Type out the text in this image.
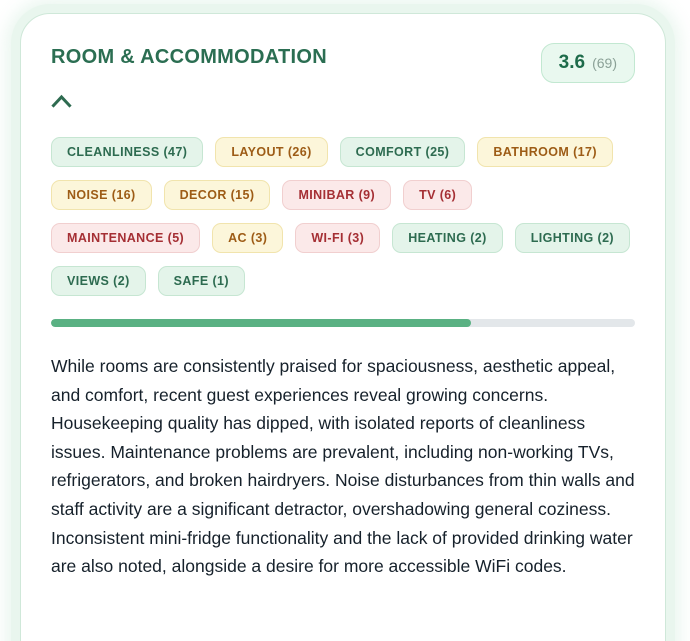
ROOM & ACCOMMODATION	3.6 (69)
CLEANLINESS (47)	LAYOUT (26)	COMFORT (25)	BATHROOM (17)
NOISE (16)	DECOR (15)	MINIBAR (9)	TV (6)
MAINTENANCE (5)	AC (3)	WI-FI (3)	HEATING (2)	LIGHTING (2)
VIEWS (2)	SAFE (1)

While rooms are consistently praised for spaciousness, aesthetic appeal, and comfort, recent guest experiences reveal growing concerns. Housekeeping quality has dipped, with isolated reports of cleanliness issues. Maintenance problems are prevalent, including non-working TVs, refrigerators, and broken hairdryers. Noise disturbances from thin walls and staff activity are a significant detractor, overshadowing general coziness. Inconsistent mini-fridge functionality and the lack of provided drinking water are also noted, alongside a desire for more accessible WiFi codes.
